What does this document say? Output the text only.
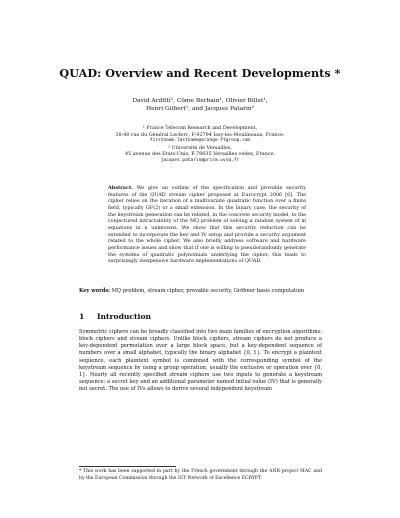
QUAD: Overview and Recent Developments *
David Arditti¹, Côme Berbain¹, Olivier Billet¹,
Henri Gilbert¹, and Jacques Patarin²
¹ France Telecom Research and Development,
38-40 rue du Général Leclerc, F-92794 Issy-les-Moulineaux, France.
firstname.lastname@orange-ftgroup.com
² Université de Versailles,
45 avenue des Etats-Unis, F-78035 Versailles cedex, France.
jacques.patarin@prism.uvsq.fr
Abstract. We give an outline of the specification and provable security features of the QUAD stream cipher proposed at Eurocrypt 2006 [6]. The cipher relies on the iteration of a multivariate quadratic function over a finite field, typically GF(2) or a small extension. In the binary case, the security of the keystream generation can be related, in the concrete security model, to the conjectured intractability of the MQ problem of solving a random system of m equations in n unknowns. We show that this security reduction can be extended to incorporate the key and IV setup and provide a security argument related to the whole cipher. We also briefly address software and hardware performance issues and show that if one is willing to pseudorandomly generate the systems of quadratic polynomials underlying the cipher, this leads to surprisingly inexpensive hardware implementations of QUAD.
Key words: MQ problem, stream cipher, provable security, Gröbner basis computation
1 Introduction

Symmetric ciphers can be broadly classified into two main families of encryption algorithms: block ciphers and stream ciphers. Unlike block ciphers, stream ciphers do not produce a key-dependent permutation over a large block space, but a key-dependent sequence of numbers over a small alphabet, typically the binary alphabet {0, 1}. To encrypt a plaintext sequence, each plaintext symbol is combined with the corresponding symbol of the keystream sequence by using a group operation, usually the exclusive or operation over {0, 1}. Nearly all recently specified stream ciphers use two inputs to generate a keystream sequence: a secret key and an additional parameter named initial value (IV) that is generally not secret. The use of IVs allows to derive several independent keystream

* This work has been supported in part by the French government through the ANR project MAC and by the European Commission through the IST Network of Excellence ECRYPT.
